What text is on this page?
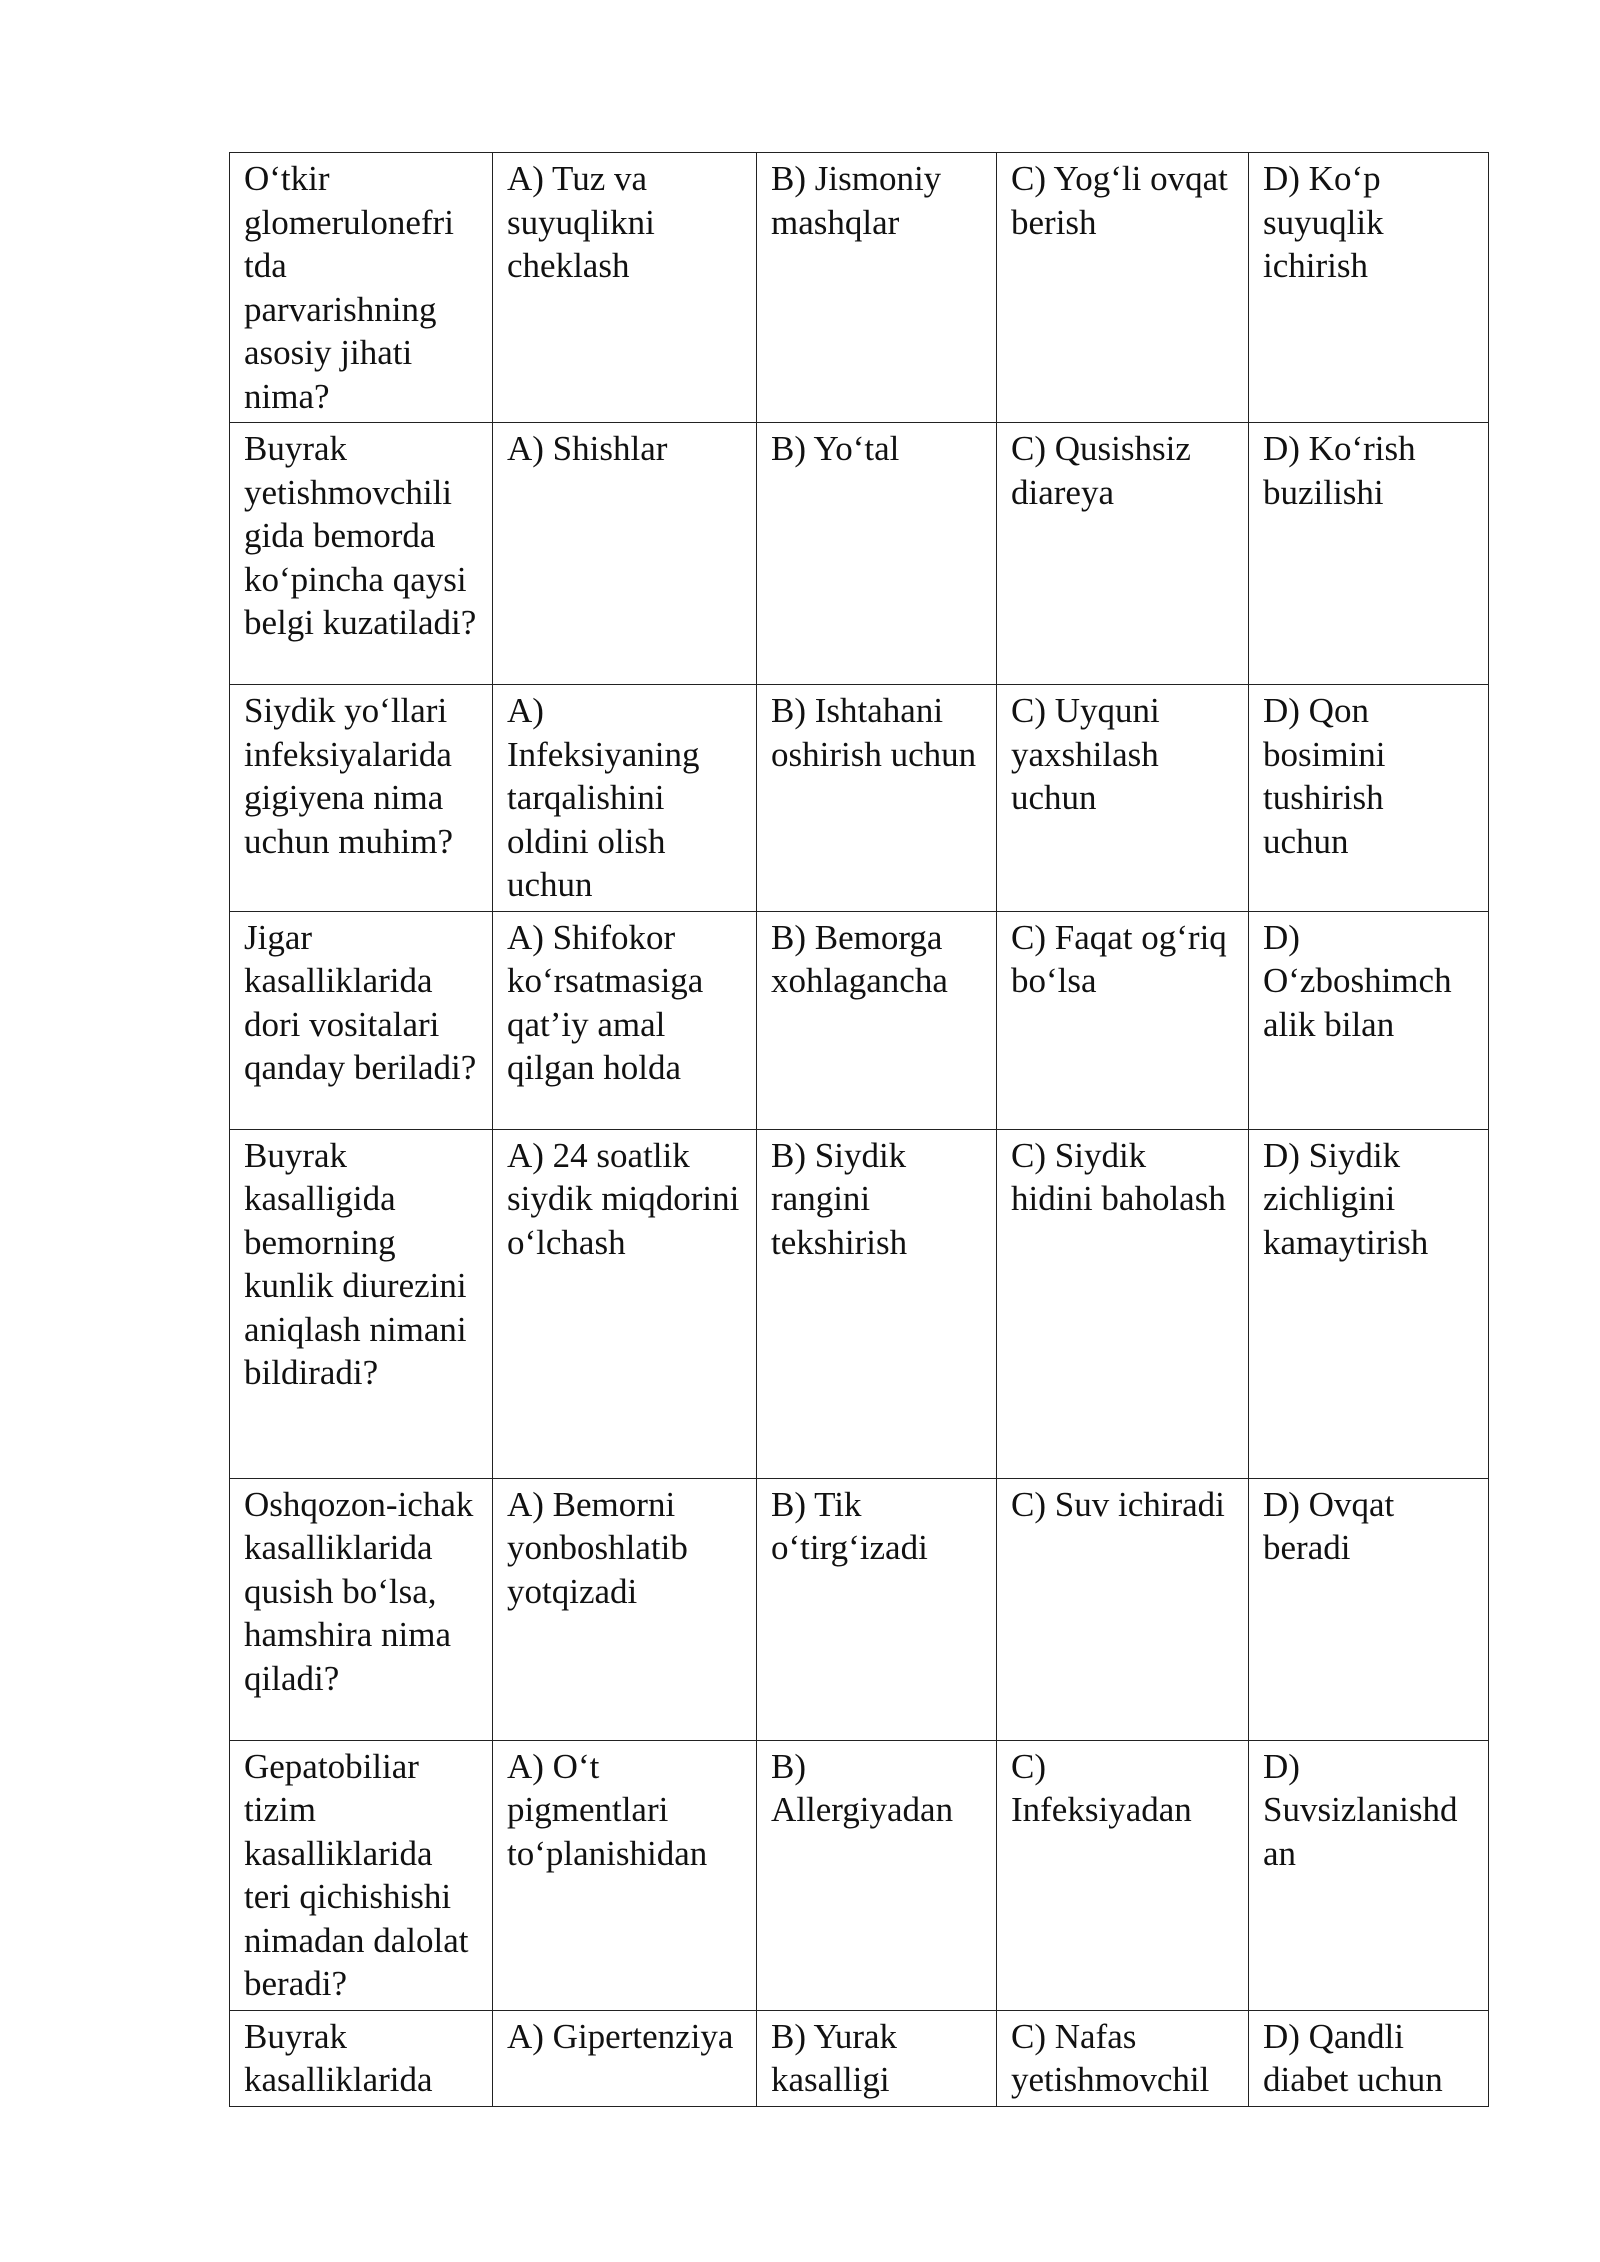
O‘tkir glomerulonefri tda parvarishning asosiy jihati nima?	A) Tuz va suyuqlikni cheklash	B) Jismoniy mashqlar	C) Yog‘li ovqat berish	D) Ko‘p suyuqlik ichirish
Buyrak yetishmovchili gida bemorda ko‘pincha qaysi belgi kuzatiladi?	A) Shishlar	B) Yo‘tal	C) Qusishsiz diareya	D) Ko‘rish buzilishi
Siydik yo‘llari infeksiyalarida gigiyena nima uchun muhim?	A) Infeksiyaning tarqalishini oldini olish uchun	B) Ishtahani oshirish uchun	C) Uyquni yaxshilash uchun	D) Qon bosimini tushirish uchun
Jigar kasalliklarida dori vositalari qanday beriladi?	A) Shifokor ko‘rsatmasiga qat’iy amal qilgan holda	B) Bemorga xohlagancha	C) Faqat og‘riq bo‘lsa	D) O‘zboshimch alik bilan
Buyrak kasalligida bemorning kunlik diurezini aniqlash nimani bildiradi?	A) 24 soatlik siydik miqdorini o‘lchash	B) Siydik rangini tekshirish	C) Siydik hidini baholash	D) Siydik zichligini kamaytirish
Oshqozon-ichak kasalliklarida qusish bo‘lsa, hamshira nima qiladi?	A) Bemorni yonboshlatib yotqizadi	B) Tik o‘tirg‘izadi	C) Suv ichiradi	D) Ovqat beradi
Gepatobiliar tizim kasalliklarida teri qichishishi nimadan dalolat beradi?	A) O‘t pigmentlari to‘planishidan	B) Allergiyadan	C) Infeksiyadan	D) Suvsizlanishd an
Buyrak kasalliklarida	A) Gipertenziya	B) Yurak kasalligi	C) Nafas yetishmovchil	D) Qandli diabet uchun
